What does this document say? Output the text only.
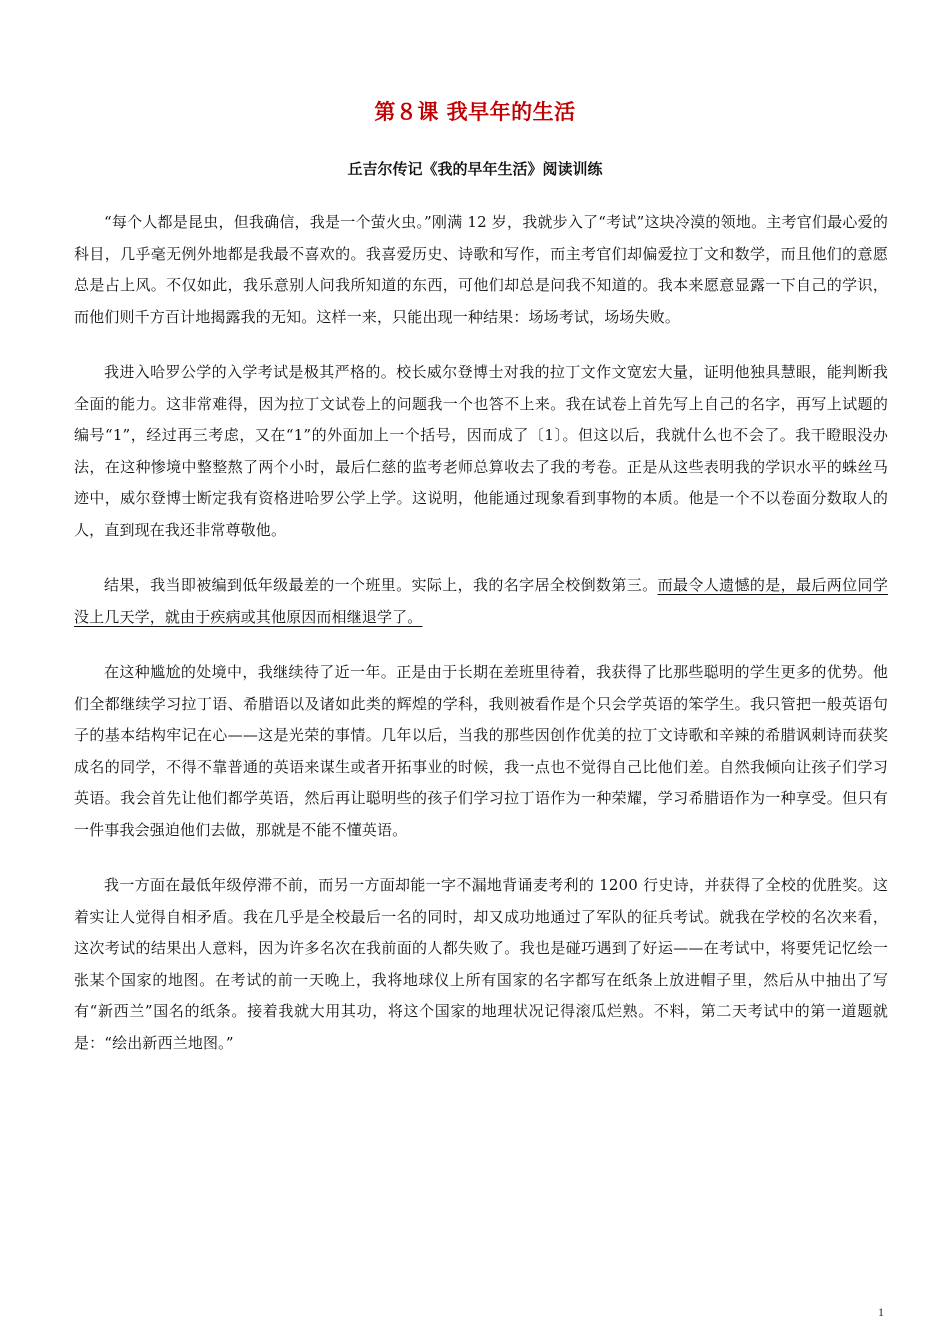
第８课 我早年的生活
丘吉尔传记《我的早年生活》阅读训练

“每个人都是昆虫，但我确信，我是一个萤火虫。”刚满 12 岁，我就步入了“考试”这块冷漠的领地。主考官们最心爱的科目，几乎毫无例外地都是我最不喜欢的。我喜爱历史、诗歌和写作，而主考官们却偏爱拉丁文和数学，而且他们的意愿总是占上风。不仅如此，我乐意别人问我所知道的东西，可他们却总是问我不知道的。我本来愿意显露一下自己的学识，而他们则千方百计地揭露我的无知。这样一来，只能出现一种结果：场场考试，场场失败。

我进入哈罗公学的入学考试是极其严格的。校长威尔登博士对我的拉丁文作文宽宏大量，证明他独具慧眼，能判断我全面的能力。这非常难得，因为拉丁文试卷上的问题我一个也答不上来。我在试卷上首先写上自己的名字，再写上试题的编号“1”，经过再三考虑，又在“1”的外面加上一个括号，因而成了〔1〕。但这以后，我就什么也不会了。我干瞪眼没办法，在这种惨境中整整熬了两个小时，最后仁慈的监考老师总算收去了我的考卷。正是从这些表明我的学识水平的蛛丝马迹中，威尔登博士断定我有资格进哈罗公学上学。这说明，他能通过现象看到事物的本质。他是一个不以卷面分数取人的人，直到现在我还非常尊敬他。

结果，我当即被编到低年级最差的一个班里。实际上，我的名字居全校倒数第三。而最令人遗憾的是，最后两位同学没上几天学，就由于疾病或其他原因而相继退学了。

在这种尴尬的处境中，我继续待了近一年。正是由于长期在差班里待着，我获得了比那些聪明的学生更多的优势。他们全都继续学习拉丁语、希腊语以及诸如此类的辉煌的学科，我则被看作是个只会学英语的笨学生。我只管把一般英语句子的基本结构牢记在心——这是光荣的事情。几年以后，当我的那些因创作优美的拉丁文诗歌和辛辣的希腊讽刺诗而获奖成名的同学，不得不靠普通的英语来谋生或者开拓事业的时候，我一点也不觉得自己比他们差。自然我倾向让孩子们学习英语。我会首先让他们都学英语，然后再让聪明些的孩子们学习拉丁语作为一种荣耀，学习希腊语作为一种享受。但只有一件事我会强迫他们去做，那就是不能不懂英语。

我一方面在最低年级停滞不前，而另一方面却能一字不漏地背诵麦考利的 1200 行史诗，并获得了全校的优胜奖。这着实让人觉得自相矛盾。我在几乎是全校最后一名的同时，却又成功地通过了军队的征兵考试。就我在学校的名次来看，这次考试的结果出人意料，因为许多名次在我前面的人都失败了。我也是碰巧遇到了好运——在考试中，将要凭记忆绘一张某个国家的地图。在考试的前一天晚上，我将地球仪上所有国家的名字都写在纸条上放进帽子里，然后从中抽出了写有“新西兰”国名的纸条。接着我就大用其功，将这个国家的地理状况记得滚瓜烂熟。不料，第二天考试中的第一道题就是：“绘出新西兰地图。”

1
